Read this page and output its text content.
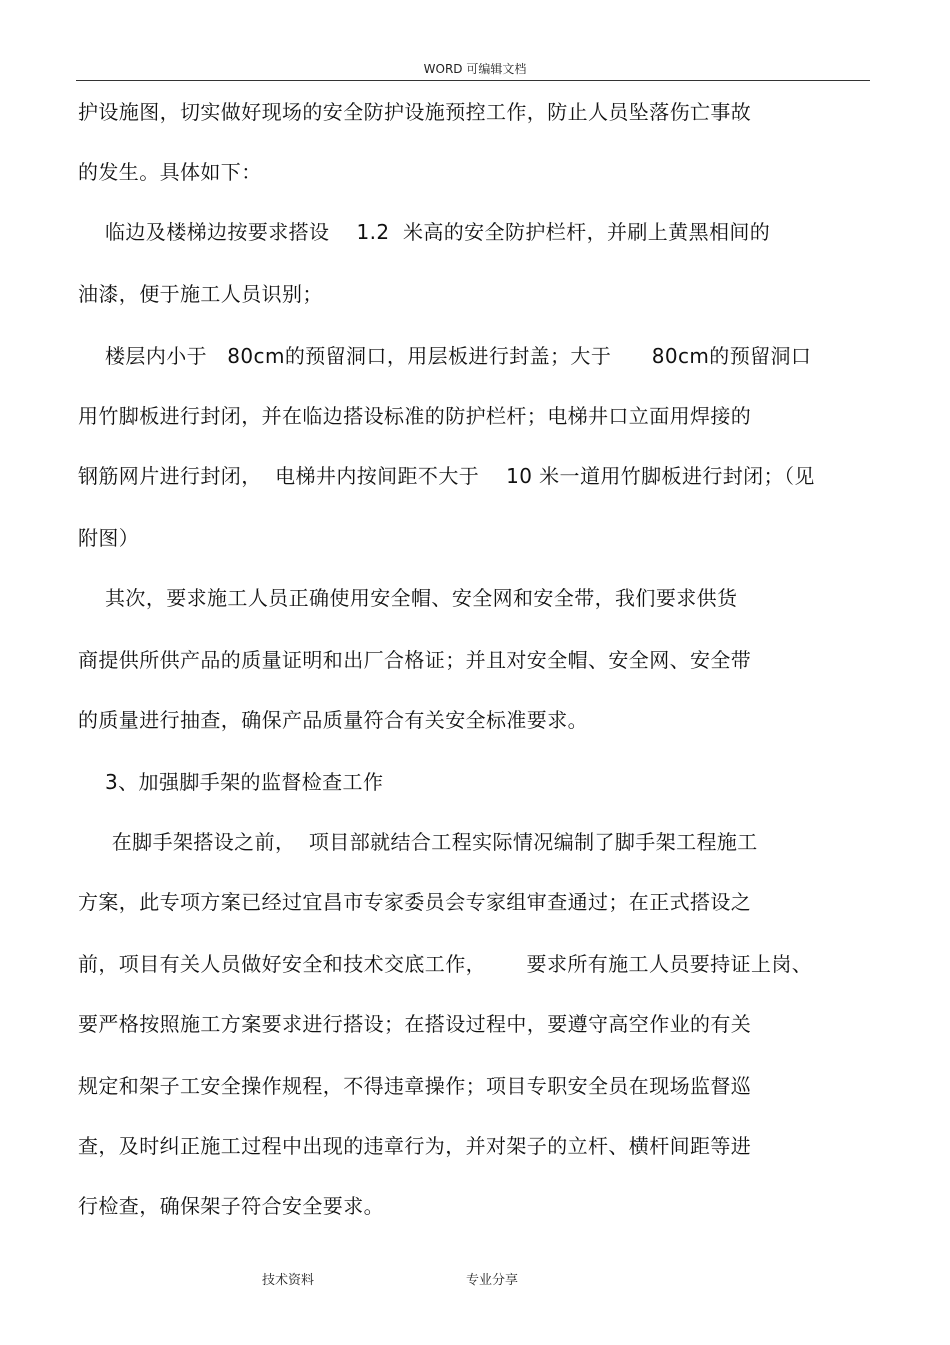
WORD 可编辑文档
护设施图，切实做好现场的安全防护设施预控工作，防止人员坠落伤亡事故
的发生。具体如下：
临边及楼梯边按要求搭设    1.2  米高的安全防护栏杆，并刷上黄黑相间的
油漆，便于施工人员识别；
楼层内小于   80cm的预留洞口，用层板进行封盖；大于      80cm的预留洞口
用竹脚板进行封闭，并在临边搭设标准的防护栏杆；电梯井口立面用焊接的
钢筋网片进行封闭，  电梯井内按间距不大于    10 米一道用竹脚板进行封闭；（见
附图）
其次，要求施工人员正确使用安全帽、安全网和安全带，我们要求供货
商提供所供产品的质量证明和出厂合格证；并且对安全帽、安全网、安全带
的质量进行抽查，确保产品质量符合有关安全标准要求。
3、加强脚手架的监督检查工作
在脚手架搭设之前，  项目部就结合工程实际情况编制了脚手架工程施工
方案，此专项方案已经过宜昌市专家委员会专家组审查通过；在正式搭设之
前，项目有关人员做好安全和技术交底工作，      要求所有施工人员要持证上岗、
要严格按照施工方案要求进行搭设；在搭设过程中，要遵守高空作业的有关
规定和架子工安全操作规程，不得违章操作；项目专职安全员在现场监督巡
查，及时纠正施工过程中出现的违章行为，并对架子的立杆、横杆间距等进
行检查，确保架子符合安全要求。
技术资料	专业分享
